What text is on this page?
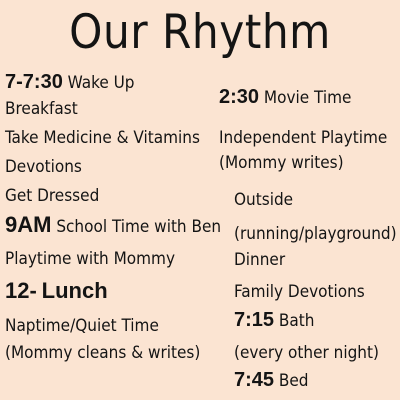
Our Rhythm
7-7:30 Wake Up
Breakfast
Take Medicine & Vitamins
Devotions
Get Dressed
9AM School Time with Ben
Playtime with Mommy
12- Lunch
Naptime/Quiet Time
(Mommy cleans & writes)
2:30 Movie Time
Independent Playtime
(Mommy writes)
Outside
(running/playground)
Dinner
Family Devotions
7:15 Bath
(every other night)
7:45 Bed
